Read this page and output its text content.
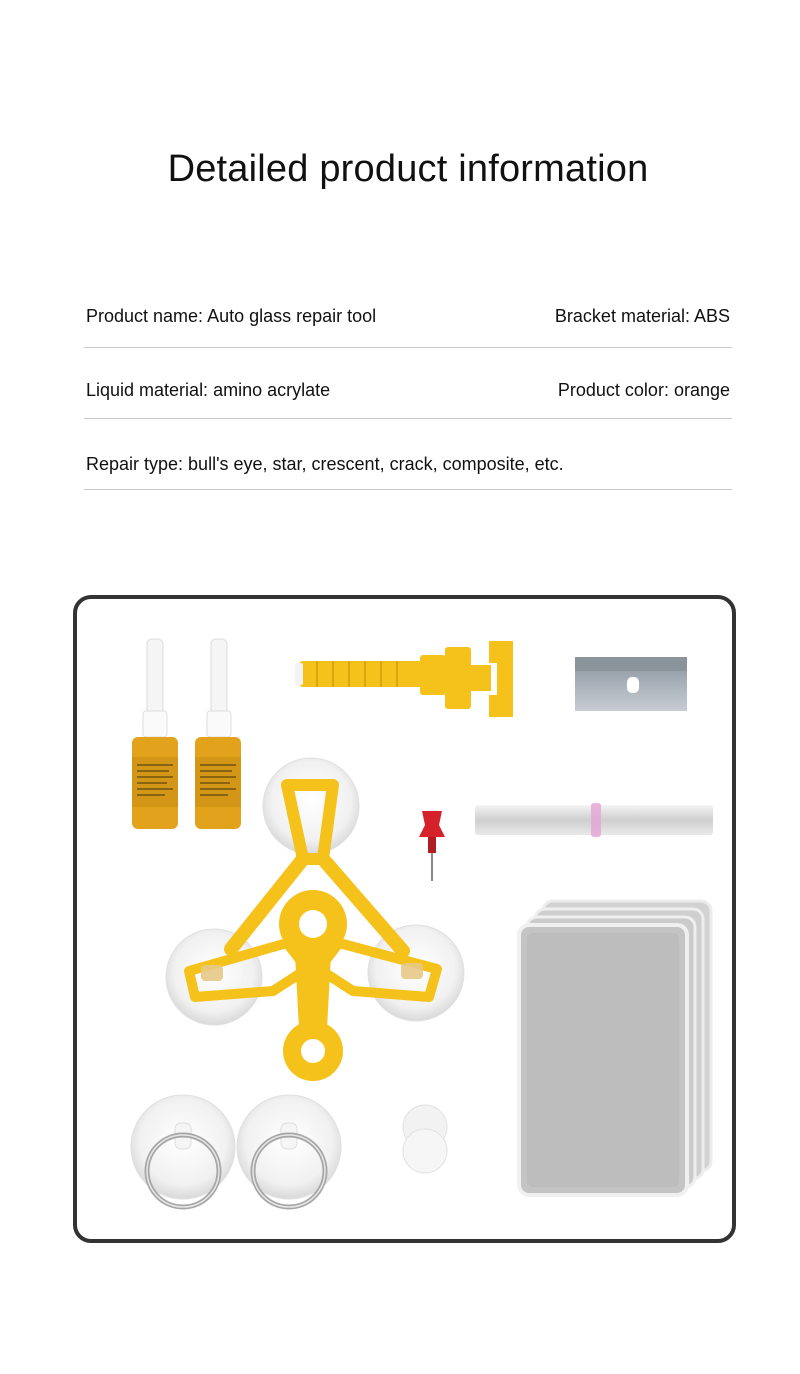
Detailed product information
Product name: Auto glass repair tool	Bracket material: ABS
Liquid material: amino acrylate	Product color: orange
Repair type: bull's eye, star, crescent, crack, composite, etc.
